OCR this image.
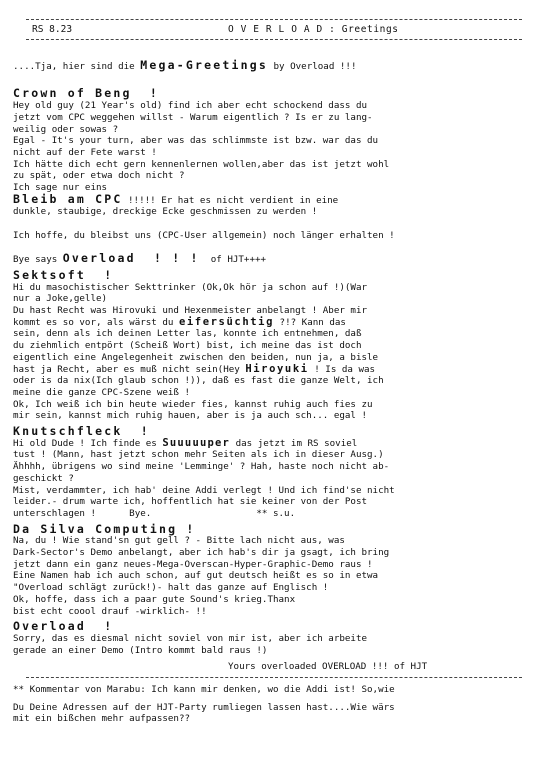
RS 8.23	O V E R L O A D : Greetings
....Tja, hier sind die Mega-Greetings by Overload !!!
Crown of Beng  !
Hey old guy (21 Year's old) find ich aber echt schockend dass du
jetzt vom CPC weggehen willst - Warum eigentlich ? Is er zu lang-
weilig oder sowas ?
Egal - It's your turn, aber was das schlimmste ist bzw. war das du
nicht auf der Fete warst !
Ich hätte dich echt gern kennenlernen wollen,aber das ist jetzt wohl
zu spät, oder etwa doch nicht ?
Ich sage nur eins
Bleib am CPC !!!!! Er hat es nicht verdient in eine
dunkle, staubige, dreckige Ecke geschmissen zu werden !
Ich hoffe, du bleibst uns (CPC-User allgemein) noch länger erhalten !
Bye says Overload  ! ! !  of HJT++++
Sektsoft  !
Hi du masochistischer Sekttrinker (Ok,Ok hör ja schon auf !)(War
nur a Joke,gelle)
Du hast Recht was Hirovuki und Hexenmeister anbelangt ! Aber mir
kommt es so vor, als wärst du eifersüchtig ?!? Kann das
sein, denn als ich deinen Letter las, konnte ich entnehmen, daß
du ziehmlich entpört (Scheiß Wort) bist, ich meine das ist doch
eigentlich eine Angelegenheit zwischen den beiden, nun ja, a bisle
hast ja Recht, aber es muß nicht sein(Hey Hiroyuki ! Is da was
oder is da nix(Ich glaub schon !)), daß es fast die ganze Welt, ich
meine die ganze CPC-Szene weiß !
Ok, Ich weiß ich bin heute wieder fies, kannst ruhig auch fies zu
mir sein, kannst mich ruhig hauen, aber is ja auch sch... egal !
Knutschfleck  !
Hi old Dude ! Ich finde es Suuuuuper das jetzt im RS soviel
tust ! (Mann, hast jetzt schon mehr Seiten als ich in dieser Ausg.)
Ähhhh, übrigens wo sind meine 'Lemminge' ? Hah, haste noch nicht ab-
geschickt ?
Mist, verdammter, ich hab' deine Addi verlegt ! Und ich find'se nicht
leider.- drum warte ich, hoffentlich hat sie keiner von der Post
unterschlagen !      Bye.                   ** s.u.
Da Silva Computing !
Na, du ! Wie stand'sn gut gell ? - Bitte lach nicht aus, was
Dark-Sector's Demo anbelangt, aber ich hab's dir ja gsagt, ich bring
jetzt dann ein ganz neues-Mega-Overscan-Hyper-Graphic-Demo raus !
Eine Namen hab ich auch schon, auf gut deutsch heißt es so in etwa
"Overload schlägt zurück!)- halt das ganze auf Englisch !
Ok, hoffe, dass ich a paar gute Sound's krieg.Thanx
bist echt coool drauf -wirklich- !!
Overload  !
Sorry, das es diesmal nicht soviel von mir ist, aber ich arbeite
gerade an einer Demo (Intro kommt bald raus !)
Yours overloaded OVERLOAD !!! of HJT
** Kommentar von Marabu: Ich kann mir denken, wo die Addi ist! So,wie
Du Deine Adressen auf der HJT-Party rumliegen lassen hast....Wie wärs
mit ein bißchen mehr aufpassen??
